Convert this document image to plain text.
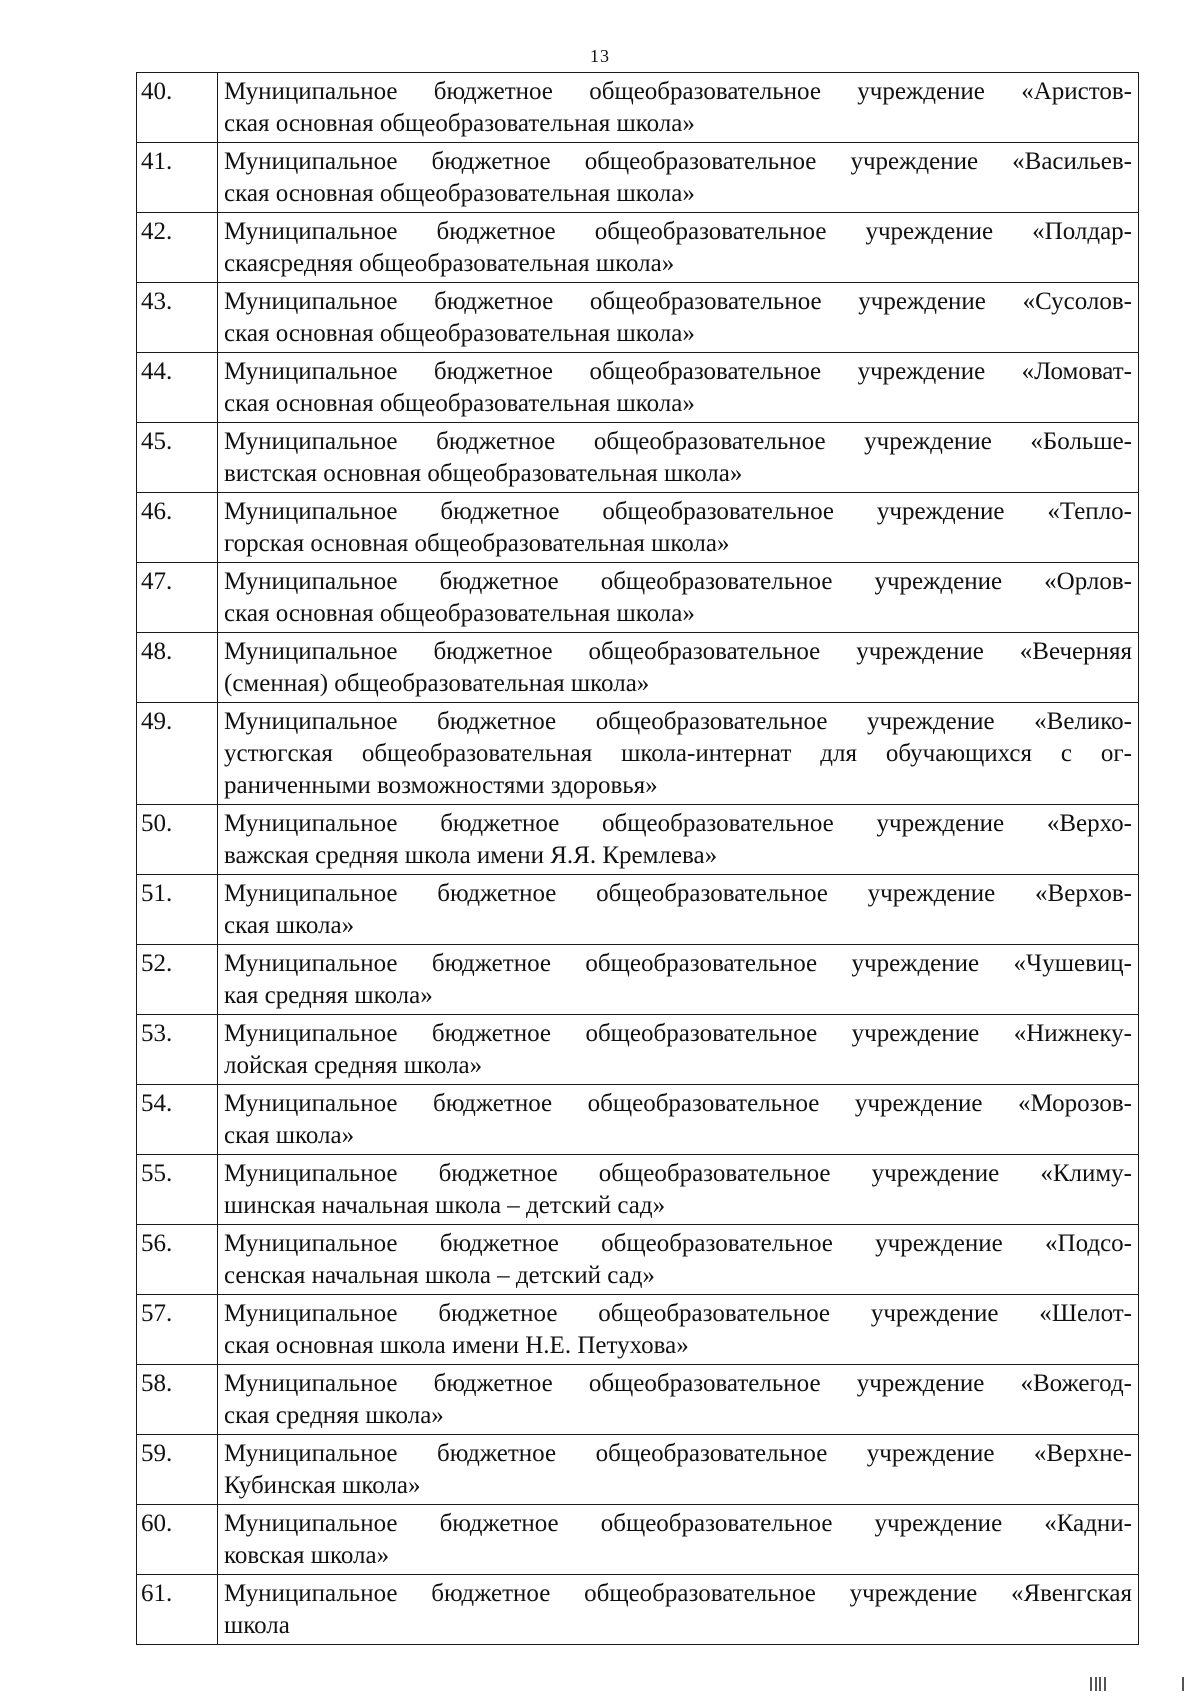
13
40.	Муниципальное бюджетное общеобразовательное учреждение «Аристов-
ская основная общеобразовательная школа»

41.	Муниципальное бюджетное общеобразовательное учреждение «Васильев-
ская основная общеобразовательная школа»

42.	Муниципальное бюджетное общеобразовательное учреждение «Полдар-
скаясредняя общеобразовательная школа»

43.	Муниципальное бюджетное общеобразовательное учреждение «Сусолов-
ская основная общеобразовательная школа»

44.	Муниципальное бюджетное общеобразовательное учреждение «Ломоват-
ская основная общеобразовательная школа»

45.	Муниципальное бюджетное общеобразовательное учреждение «Больше-
вистская основная общеобразовательная школа»

46.	Муниципальное бюджетное общеобразовательное учреждение «Тепло-
горская основная общеобразовательная школа»

47.	Муниципальное бюджетное общеобразовательное учреждение «Орлов-
ская основная общеобразовательная школа»

48.	Муниципальное бюджетное общеобразовательное учреждение «Вечерняя
(сменная) общеобразовательная школа»

49.	Муниципальное бюджетное общеобразовательное учреждение «Велико-
устюгская общеобразовательная школа-интернат для обучающихся с ог-
раниченными возможностями здоровья»

50.	Муниципальное бюджетное общеобразовательное учреждение «Верхо-
важская средняя школа имени Я.Я. Кремлева»

51.	Муниципальное бюджетное общеобразовательное учреждение «Верхов-
ская школа»

52.	Муниципальное бюджетное общеобразовательное учреждение «Чушевиц-
кая средняя школа»

53.	Муниципальное бюджетное общеобразовательное учреждение «Нижнеку-
лойская средняя школа»

54.	Муниципальное бюджетное общеобразовательное учреждение «Морозов-
ская школа»

55.	Муниципальное бюджетное общеобразовательное учреждение «Климу-
шинская начальная школа – детский сад»

56.	Муниципальное бюджетное общеобразовательное учреждение «Подсо-
сенская начальная школа – детский сад»

57.	Муниципальное бюджетное общеобразовательное учреждение «Шелот-
ская основная школа имени Н.Е. Петухова»

58.	Муниципальное бюджетное общеобразовательное учреждение «Вожегод-
ская средняя школа»

59.	Муниципальное бюджетное общеобразовательное учреждение «Верхне-
Кубинская школа»

60.	Муниципальное бюджетное общеобразовательное учреждение «Кадни-
ковская школа»

61.	Муниципальное бюджетное общеобразовательное учреждение «Явенгская
школа
